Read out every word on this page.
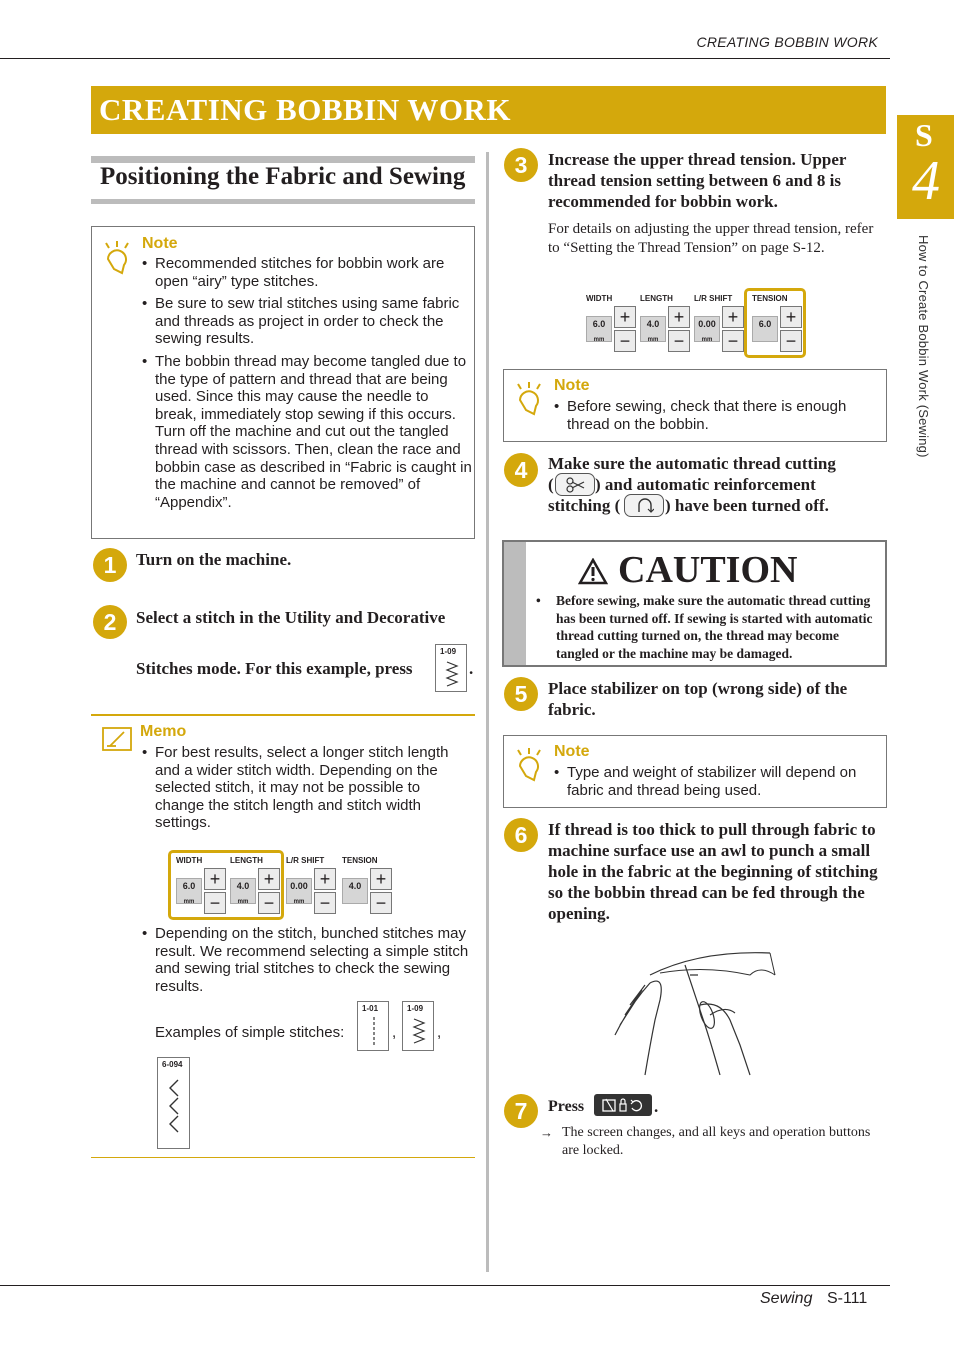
CREATING BOBBIN WORK
CREATING BOBBIN WORK
S
4
How to Create Bobbin Work (Sewing)
Positioning the Fabric and Sewing
Note
• Recommended stitches for bobbin work are open “airy” type stitches.
• Be sure to sew trial stitches using same fabric and threads as project in order to check the sewing results.
• The bobbin thread may become tangled due to the type of pattern and thread that are being used. Since this may cause the needle to break, immediately stop sewing if this occurs. Turn off the machine and cut out the tangled thread with scissors. Then, clean the race and bobbin case as described in “Fabric is caught in the machine and cannot be removed” of “Appendix”.
1	Turn on the machine.
2	Select a stitch in the Utility and Decorative
Stitches mode. For this example, press
1-09
.
Memo
• For best results, select a longer stitch length and a wider stitch width. Depending on the selected stitch, it may not be possible to change the stitch length and stitch width settings.
WIDTH
6.0
mm
+
−
LENGTH
4.0
mm
+
−
L/R SHIFT
0.00
mm
+
−
TENSION
4.0 +
−
• Depending on the stitch, bunched stitches may result. We recommend selecting a simple stitch and sewing trial stitches to check the sewing results.
Examples of simple stitches:
1-01
,
1-09
,
6-094
3	Increase the upper thread tension. Upper thread tension setting between 6 and 8 is recommended for bobbin work.
For details on adjusting the upper thread tension, refer to “Setting the Thread Tension” on page S-12.
WIDTH
6.0
mm
+
−
LENGTH
4.0
mm
+
−
L/R SHIFT
0.00
mm
+
−
TENSION
6.0 +
−
Note
• Before sewing, check that there is enough thread on the bobbin.
4	Make sure the automatic thread cutting
( ) and automatic reinforcement
stitching (	) have been turned off.
CAUTION
• Before sewing, make sure the automatic thread cutting has been turned off. If sewing is started with automatic thread cutting turned on, the thread may become tangled or the machine may be damaged.
5	Place stabilizer on top (wrong side) of the fabric.
Note
• Type and weight of stabilizer will depend on fabric and thread being used.
6	If thread is too thick to pull through fabric to machine surface use an awl to punch a small hole in the fabric at the beginning of stitching so the bobbin thread can be fed through the opening.
7	Press	.
→ The screen changes, and all keys and operation buttons are locked.
Sewing S-111
